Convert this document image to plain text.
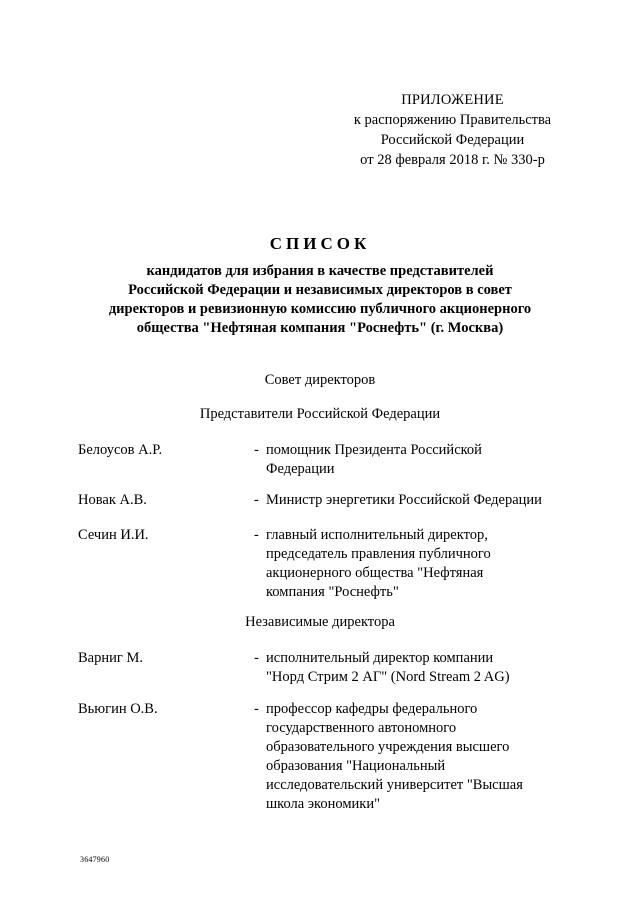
ПРИЛОЖЕНИЕ
к распоряжению Правительства
Российской Федерации
от 28 февраля 2018 г. № 330-р
СПИСОК
кандидатов для избрания в качестве представителей
Российской Федерации и независимых директоров в совет
директоров и ревизионную комиссию публичного акционерного
общества "Нефтяная компания "Роснефть" (г. Москва)
Совет директоров
Представители Российской Федерации
Белоусов А.Р.	- помощник Президента Российской
Федерации
Новак А.В.	- Министр энергетики Российской Федерации
Сечин И.И.	- главный исполнительный директор,
председатель правления публичного
акционерного общества "Нефтяная
компания "Роснефть"
Независимые директора
Варниг М.	- исполнительный директор компании
"Норд Стрим 2 АГ" (Nord Stream 2 AG)
Вьюгин О.В.	- профессор кафедры федерального
государственного автономного
образовательного учреждения высшего
образования "Национальный
исследовательский университет "Высшая
школа экономики"
3647960
